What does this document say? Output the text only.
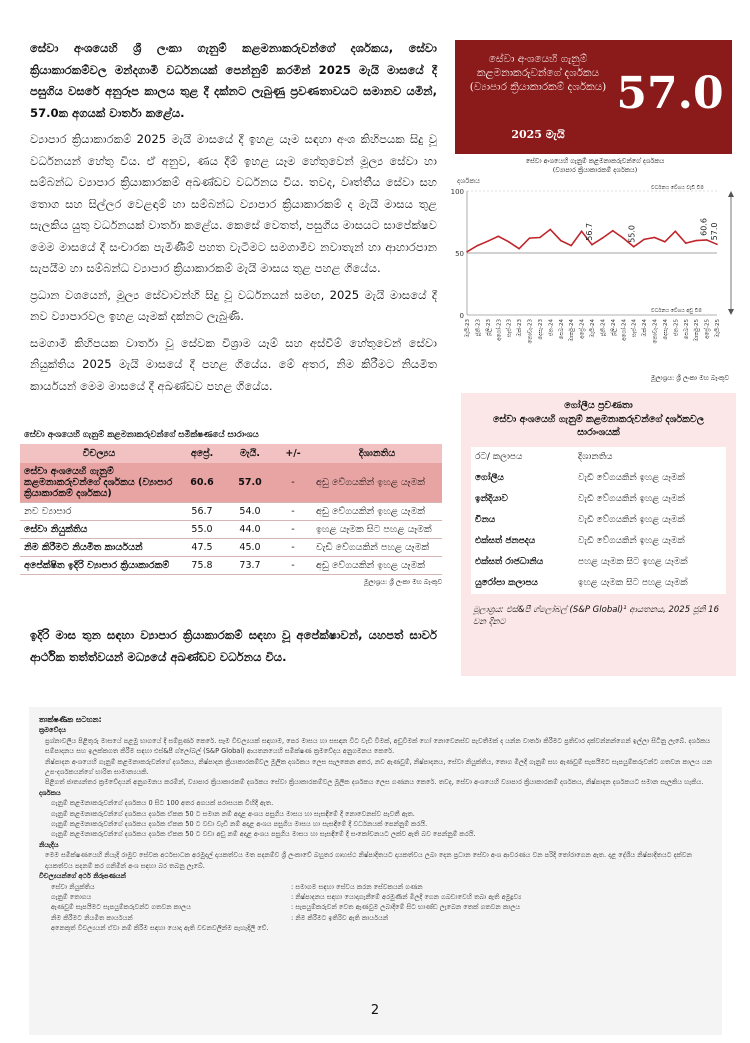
සේවා අංශයෙහි ශ්‍රී ලංකා ගැනුම් කළමනාකරුවන්ගේ දර්ශකය, සේවා ක්‍රියාකාරකම්වල මන්දගාමී වර්ධනයක් පෙන්නුම් කරමින් 2025 මැයි මාසයේ දී පසුගිය වසරේ අනුරූප කාලය තුළ දී දක්නට ලැබුණු ප්‍රවණතාවයට සමානව යමින්, 57.0ක අගයක් වාර්තා කළේය.

ව්‍යාපාර ක්‍රියාකාරකම් 2025 මැයි මාසයේ දී ඉහළ යෑම සඳහා අංශ කිහිපයක සිදු වූ වර්ධනයන් හේතු විය. ඒ අනුව, ණය දීම් ඉහළ යෑම හේතුවෙන් මූල්‍ය සේවා හා සම්බන්ධ ව්‍යාපාර ක්‍රියාකාරකම් අඛණ්ඩව වර්ධනය විය. තවද, වෘත්තීය සේවා සහ තොග සහ සිල්ලර වෙළඳාම් හා සම්බන්ධ ව්‍යාපාර ක්‍රියාකාරකම් ද මැයි මාසය තුළ සැලකිය යුතු වර්ධනයක් වාර්තා කළේය. කෙසේ වෙතත්, පසුගිය මාසයට සාපේක්ෂව මෙම මාසයේ දී සංචාරක පැමිණීම් පහත වැටීමට සමගාමීව නවාතැන් හා ආහාරපාන සැපයීම හා සම්බන්ධ ව්‍යාපාර ක්‍රියාකාරකම් මැයි මාසය තුළ පහළ ගියේය.

ප්‍රධාන වශයෙන්, මූල්‍ය සේවාවන්හි සිදු වූ වර්ධනයන් සමඟ, 2025 මැයි මාසයේ දී නව ව්‍යාපාරවල ඉහළ යෑමක් දක්නට ලැබුණි.

සමගාමී කිහිපයක වාර්තා වූ සේවක විශ්‍රාම යෑම් සහ අස්වීම් හේතුවෙන් සේවා නියුක්තිය 2025 මැයි මාසයේ දී පහළ ගියේය. මේ අතර, නිම කිරීමට නියමිත කාර්යයන් මෙම මාසයේ දී අඛණ්ඩව පහළ ගියේය.

සේවා අංශයෙහි ගැනුම් කළමනාකරුවන්ගේ දර්ශකය (ව්‍යාපාර ක්‍රියාකාරකම් දර්ශකය)
2025 මැයි
57.0
සේවා අංශයෙහි ගැනුම් කළමනාකරුවන්ගේ දර්ශකය
(ව්‍යාපාර ක්‍රියාකාරකම් දර්ශකය)
දර්ශකය
0
50
100	වර්ධනය වේගය වැඩි වීම
වර්ධනය වේගය අඩු වීම
56.7	55.0	60.6 57.0
මැයි-23 ජූනි-23 ජූලි-23 අගෝ-23 සැප්-23 ඔක්-23 නොවැ-23 දෙසැ-23 ජන-24 පෙබ-24 මාර්තු-24 අප්‍රේ-24 මැයි-24 ජූනි-24 ජූලි-24 අගෝ-24 සැප්-24 ඔක්-24 නොවැ-24 දෙසැ-24 ජන-25 පෙබ-25 මාර්තු-25 අප්‍රේ-25 මැයි-25
මූලාශ්‍රය: ශ්‍රී ලංකා මහ බැංකුව
සේවා අංශයෙහි ගැනුම් කළමනාකරුවන්ගේ සමීක්ෂණයේ සාරාංශය
විචල්‍යය	අප්‍රේ.	මැයි.	+/-	දිශානතිය
සේවා අංශයෙහි ගැනුම් කළමනාකරුවන්ගේ දර්ශකය (ව්‍යාපාර ක්‍රියාකාරකම් දර්ශකය)	60.6	57.0	-	අඩු වේගයකින් ඉහළ යෑමක්
නව ව්‍යාපාර	56.7	54.0	-	අඩු වේගයකින් ඉහළ යෑමක්
සේවා නියුක්තිය	55.0	44.0	-	ඉහළ යෑමක සිට පහළ යෑමක්
නිම කිරීමට නියමිත කාර්යයන්	47.5	45.0	-	වැඩි වේගයකින් පහළ යෑමක්
අපේක්ෂිත ඉදිරි ව්‍යාපාර ක්‍රියාකාරකම්	75.8	73.7	-	අඩු වේගයකින් ඉහළ යෑමක්
මූලාශ්‍රය: ශ්‍රී ලංකා මහ බැංකුව

ඉදිරි මාස තුන සඳහා ව්‍යාපාර ක්‍රියාකාරකම් සඳහා වූ අපේක්ෂාවන්, යහපත් සාර්ව ආර්ථික තත්ත්වයන් මධ්‍යයේ අඛණ්ඩව වර්ධනය විය.

ගෝලීය ප්‍රවණතා
සේවා අංශයෙහි ගැනුම් කළමනාකරුවන්ගේ දර්ශකවල සාරාංශයක්
රට/ කලාපය	දිශානතිය
ගෝලීය	වැඩි වේගයකින් ඉහළ යෑමක්
ඉන්දියාව	වැඩි වේගයකින් ඉහළ යෑමක්
චීනය	වැඩි වේගයකින් ඉහළ යෑමක්
එක්සත් ජනපදය	වැඩි වේගයකින් ඉහළ යෑමක්
එක්සත් රාජධානිය	පහළ යෑමක සිට ඉහළ යෑමක්
යුරෝපා කලාපය	ඉහළ යෑමක සිට පහළ යෑමක්
මූලාශ්‍රය: එස්&පී ග්ලෝබල් (S&P Global)¹ ආයතනය, 2025 ජූනි 16 වන දිනට
තාක්ෂණික සටහන:
ක්‍රමවේදය
ප්‍රශ්නාවලිය පිළිතුරු මාසයේ පළමු භාගයේ දී සම්පූර්ණ කෙරේ. සෑම විචල්‍යයක් සඳහාම, පෙර මාසය හා සසඳන විට වැඩි වීමක්, අඩුවීමක් හෝ නොවෙනස්ව පැවතීමක් ද යන්න වාර්තා කිරීමට ප්‍රතිචාර දක්වන්නන්ගෙන් ඉල්ලා සිටිනු ලැබේ. දර්ශකය සම්පාදනය සහ ඉලක්කගත කිරීම සඳහා එස්&පී ග්ලෝබල් (S&P Global) ආයතනයෙහි සමීක්ෂණ ක්‍රමවේදය අනුගමනය කෙරේ.
නිෂ්පාදන අංශයෙහි ගැනුම් කළමනාකරුවන්ගේ දර්ශකය, නිෂ්පාදන ක්‍රියාකාරකම්වල මූලික දර්ශකය ලෙස සැලකෙන අතර, නව ඇණවුම්, නිෂ්පාදනය, සේවා නියුක්තිය, තොග මිලදී ගැනුම් සහ ඇණවුම් සැපයීමට සැපයුම්කරුවන්ට ගතවන කාලය යන උප-දර්ශකයන්ගේ භාරිත සාමාන්‍යයකි.
පිළිගත් ජාත්‍යන්තර ක්‍රමවේදයන් අනුගමනය කරමින්, ව්‍යාපාර ක්‍රියාකාරකම් දර්ශකය සේවා ක්‍රියාකාරකම්වල මූලික දර්ශකය ලෙස ගණනය කෙරේ. තවද, සේවා අංශයෙහි ව්‍යාපාර ක්‍රියාකාරකම් දර්ශකය, නිෂ්පාදන දර්ශකයට සමාන සැලකිය හැකිය.
දර්ශකය
ගැනුම් කළමනාකරුවන්ගේ දර්ශකය 0 සිට 100 අතර අගයක් පරාසයක විහිදී ඇත.
ගැනුම් කළමනාකරුවන්ගේ දර්ශකය දර්ශක ඒකක 50 ට සමාන නම් අදාළ අංශය පසුගිය මාසය හා සැසඳීමේ දී නොවෙනස්ව පැවතී ඇත.
ගැනුම් කළමනාකරුවන්ගේ දර්ශකය දර්ශක ඒකක 50 ට වඩා වැඩි නම් අදාළ අංශය පසුගිය මාසය හා සැසඳීමේ දී වර්ධනයක් පෙන්නුම් කරයි.
ගැනුම් කළමනාකරුවන්ගේ දර්ශකය දර්ශක ඒකක 50 ට වඩා අඩු නම් අදාළ අංශය පසුගිය මාසය හා සැසඳීමේ දී සංකෝචනයට ලක්ව ඇති බව පෙන්නුම් කරයි.
නියැදිය
මෙම සමීක්ෂණයෙහි නියැදි රාමුව සේවක අර්ථසාධක අරමුදල් දායකත්වය මත පදනම්ව ශ්‍රී ලංකාවේ බහුතර ගෘහස්ථ නිෂ්පාදිතයට දායකත්වය ලබා දෙන ප්‍රධාන සේවා අංශ ආවරණය වන පරිදි තෝරාගෙන ඇත. දළ දේශීය නිෂ්පාදිතයට දක්වන දායකත්වය පදනම් කර ගනිමින් අංශ සඳහා බර තබනු ලැබේ.
විචල්‍යයන්ගේ අර්ථ නිරූපණයන්
සේවා නියුක්තිය	: සමාගම සඳහා සේවය කරන සේවකයන් ගණන
ගැනුම් තොගය	: නිෂ්පාදනය සඳහා යොදාගැනීමේ අරමුණින් මිලදී ගෙන ගබඩාවෙහි තබා ඇති අමුද්‍රව්‍ය
ඇණවුම් සැපයීමට සැපයුම්කරුවන්ට ගතවන කාලය	: සැපයුම්කරුවන් වෙත ඇණවුම ලබාදීමේ සිට භාණ්ඩ ලැබෙන තෙක් ගතවන කාලය
නිම කිරීමට නියමිත කාර්යයන්	: නිම කිරීමට ඉතිරිව ඇති කාර්යයන්
අනෙකුත් විචල්‍යයන් ඒවා නම් කිරීම සඳහා යොදා ඇති වචනවලින්ම පැහැදිලි වේ.
2
